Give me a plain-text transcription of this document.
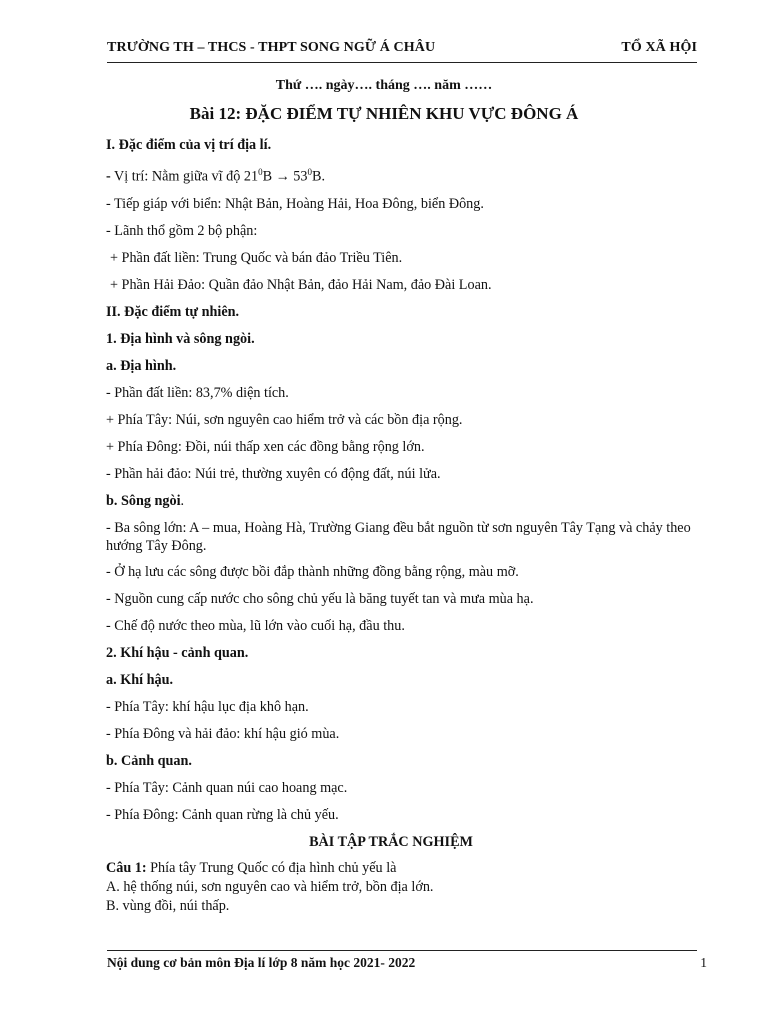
TRƯỜNG TH – THCS - THPT SONG NGỮ Á CHÂU	TỔ XÃ HỘI
Thứ …. ngày…. tháng …. năm ……
Bài 12: ĐẶC ĐIỂM TỰ NHIÊN KHU VỰC ĐÔNG Á

I. Đặc điểm của vị trí địa lí.

- Vị trí: Nằm giữa vĩ độ $21^0B \to 53^0B$.

- Tiếp giáp với biển: Nhật Bản, Hoàng Hải, Hoa Đông, biển Đông.

- Lãnh thổ gồm 2 bộ phận:

+ Phần đất liền: Trung Quốc và bán đảo Triều Tiên.

+ Phần Hải Đảo: Quần đảo Nhật Bản, đảo Hải Nam, đảo Đài Loan.

II. Đặc điểm tự nhiên.

1. Địa hình và sông ngòi.

a. Địa hình.

- Phần đất liền: 83,7% diện tích.

+ Phía Tây: Núi, sơn nguyên cao hiểm trở và các bồn địa rộng.

+ Phía Đông: Đồi, núi thấp xen các đồng bằng rộng lớn.

- Phần hải đảo: Núi trẻ, thường xuyên có động đất, núi lửa.

b. Sông ngòi.

- Ba sông lớn: A – mua, Hoàng Hà, Trường Giang đều bắt nguồn từ sơn nguyên Tây Tạng và chảy theo hướng Tây Đông.

- Ở hạ lưu các sông được bồi đắp thành những đồng bằng rộng, màu mỡ.

- Nguồn cung cấp nước cho sông chủ yếu là băng tuyết tan và mưa mùa hạ.

- Chế độ nước theo mùa, lũ lớn vào cuối hạ, đầu thu.

2. Khí hậu - cảnh quan.

a. Khí hậu.

- Phía Tây: khí hậu lục địa khô hạn.

- Phía Đông và hải đảo: khí hậu gió mùa.

b. Cảnh quan.

- Phía Tây: Cảnh quan núi cao hoang mạc.

- Phía Đông: Cảnh quan rừng là chủ yếu.

BÀI TẬP TRẮC NGHIỆM

Câu 1: Phía tây Trung Quốc có địa hình chủ yếu là

A. hệ thống núi, sơn nguyên cao và hiểm trở, bồn địa lớn.

B. vùng đồi, núi thấp.

Nội dung cơ bản môn Địa lí lớp 8 năm học 2021- 2022	1
